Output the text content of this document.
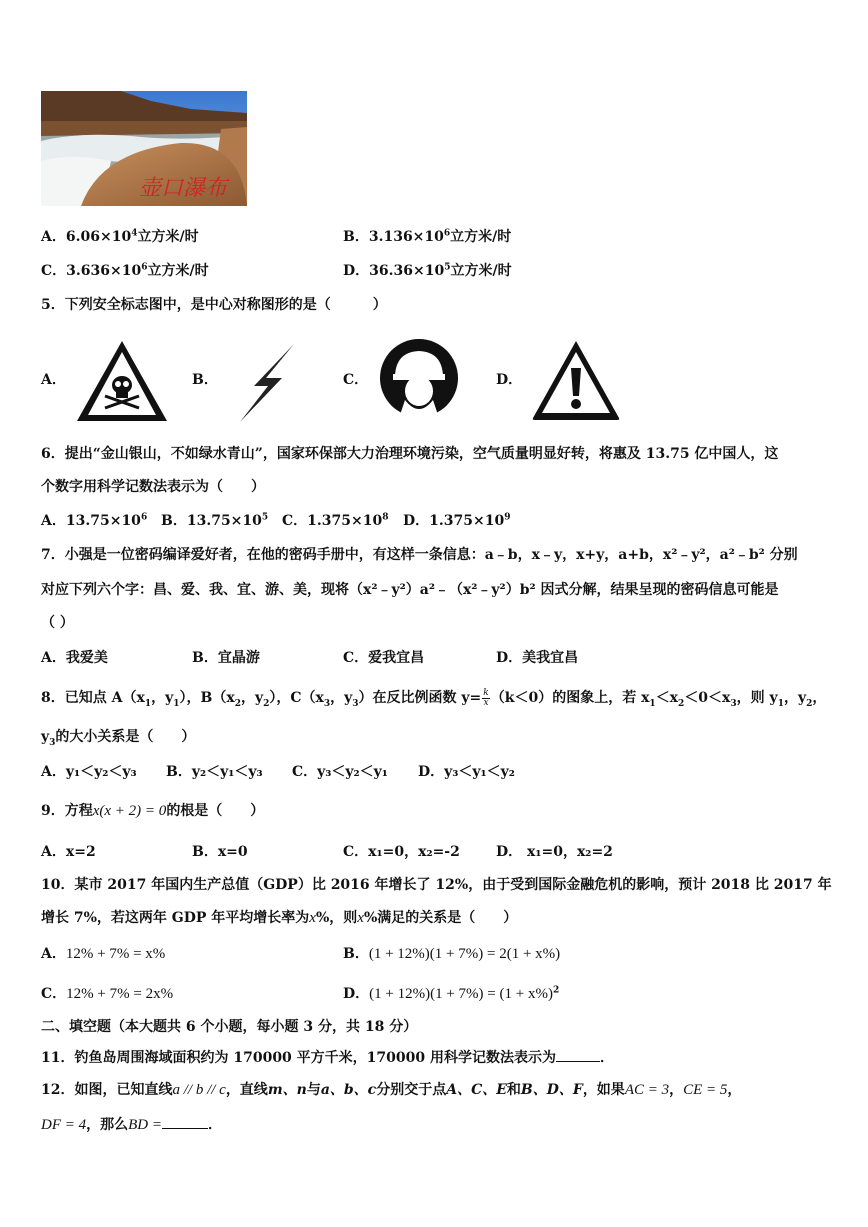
壶口瀑布
A．$6.06\times 10^4$立方米/时	B．$3.136\times 10^6$立方米/时
C．$3.636\times 10^6$立方米/时	D．$36.36\times 10^5$立方米/时
5．下列安全标志图中，是中心对称图形的是（　　　）
A．	B．	C．	D．
6．提出“金山银山，不如绿水青山”，国家环保部大力治理环境污染，空气质量明显好转，将惠及 13.75 亿中国人，这
个数字用科学记数法表示为（　　）
A．$13.75\times 10^6$ B．$13.75\times 10^5$ C．$1.375\times 10^8$ D．$1.375\times 10^9$
7．小强是一位密码编译爱好者，在他的密码手册中，有这样一条信息：a﹣b，x﹣y，x+y，a+b，x²﹣y²，a²﹣b² 分别
对应下列六个字：昌、爱、我、宜、游、美，现将（x²﹣y²）a²﹣（x²﹣y²）b² 因式分解，结果呈现的密码信息可能是
（ ）
A．我爱美	B．宜晶游	C．爱我宜昌	D．美我宜昌
8．已知点 $A(x_1$，$y_1$），$B(x_2$，$y_2$），$C(x_3$，$y_3$）在反比例函数 $y= \frac{k}{x} (k<0)$的图象上，若 $x_1<x_2<0<x_3$，则 $y_1$，$y_2$，
$y_3$的大小关系是（　　）
A．y₁＜y₂＜y₃ B．y₂＜y₁＜y₃ C．y₃＜y₂＜y₁ D．y₃＜y₁＜y₂
9．方程x(x + 2) = 0的根是（　　）
A．x=2	B．x=0	C．x₁=0，x₂=-2	D． x₁=0，x₂=2
10．某市 2017 年国内生产总值（GDP）比 2016 年增长了 12%，由于受到国际金融危机的影响，预计 2018 比 2017 年
增长 7%，若这两年 GDP 年平均增长率为x%，则x%满足的关系是（　　）
A．12% + 7% = x%	B．(1 + 12%)(1 + 7%) = 2(1 + x%)
C．12% + 7% = 2x%	D．$(1 + 12\%)(1 + 7\%) = (1 + x\%)^2$
二、填空题（本大题共 6 个小题，每小题 3 分，共 18 分）
11．钓鱼岛周围海域面积约为 170000 平方千米，170000 用科学记数法表示为	．
12．如图，已知直线a // b // c，直线m、n与a、b、c分别交于点A、C、E和B、D、F，如果AC = 3，CE = 5，
DF = 4，那么BD =	．
